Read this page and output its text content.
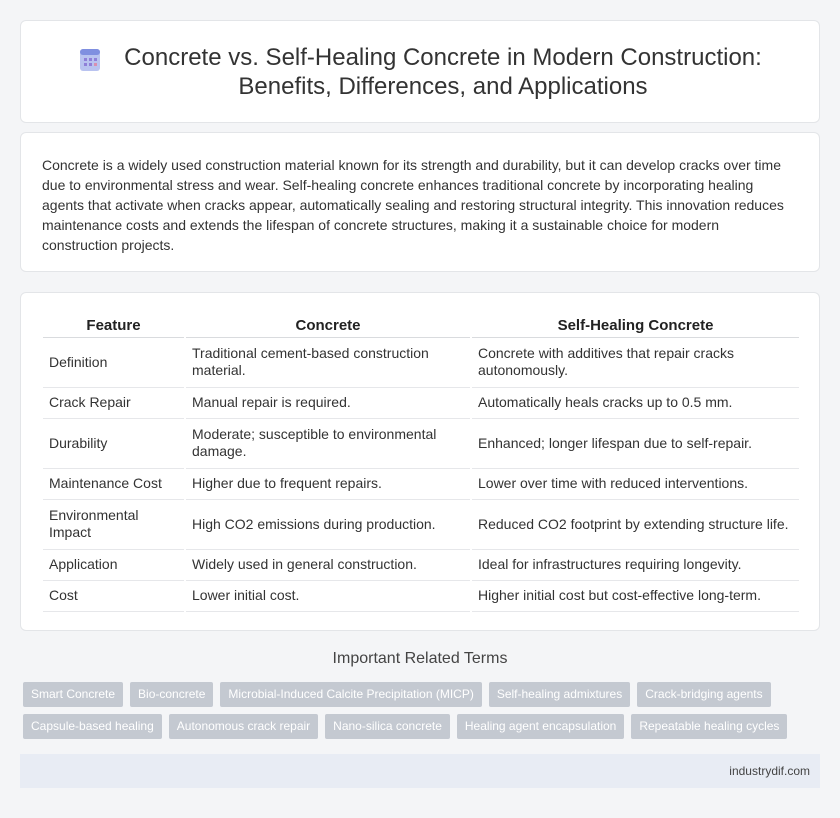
Concrete vs. Self-Healing Concrete in Modern Construction: Benefits, Differences, and Applications

Concrete is a widely used construction material known for its strength and durability, but it can develop cracks over time due to environmental stress and wear. Self-healing concrete enhances traditional concrete by incorporating healing agents that activate when cracks appear, automatically sealing and restoring structural integrity. This innovation reduces maintenance costs and extends the lifespan of concrete structures, making it a sustainable choice for modern construction projects.

Feature	Concrete	Self-Healing Concrete
Definition	Traditional cement-based construction material.	Concrete with additives that repair cracks autonomously.
Crack Repair	Manual repair is required.	Automatically heals cracks up to 0.5 mm.
Durability	Moderate; susceptible to environmental damage.	Enhanced; longer lifespan due to self-repair.
Maintenance Cost	Higher due to frequent repairs.	Lower over time with reduced interventions.
Environmental Impact	High CO2 emissions during production.	Reduced CO2 footprint by extending structure life.
Application	Widely used in general construction.	Ideal for infrastructures requiring longevity.
Cost	Lower initial cost.	Higher initial cost but cost-effective long-term.
Important Related Terms
Smart Concrete	Bio-concrete	Microbial-Induced Calcite Precipitation (MICP)	Self-healing admixtures	Crack-bridging agents
Capsule-based healing	Autonomous crack repair	Nano-silica concrete	Healing agent encapsulation	Repeatable healing cycles
industrydif.com
